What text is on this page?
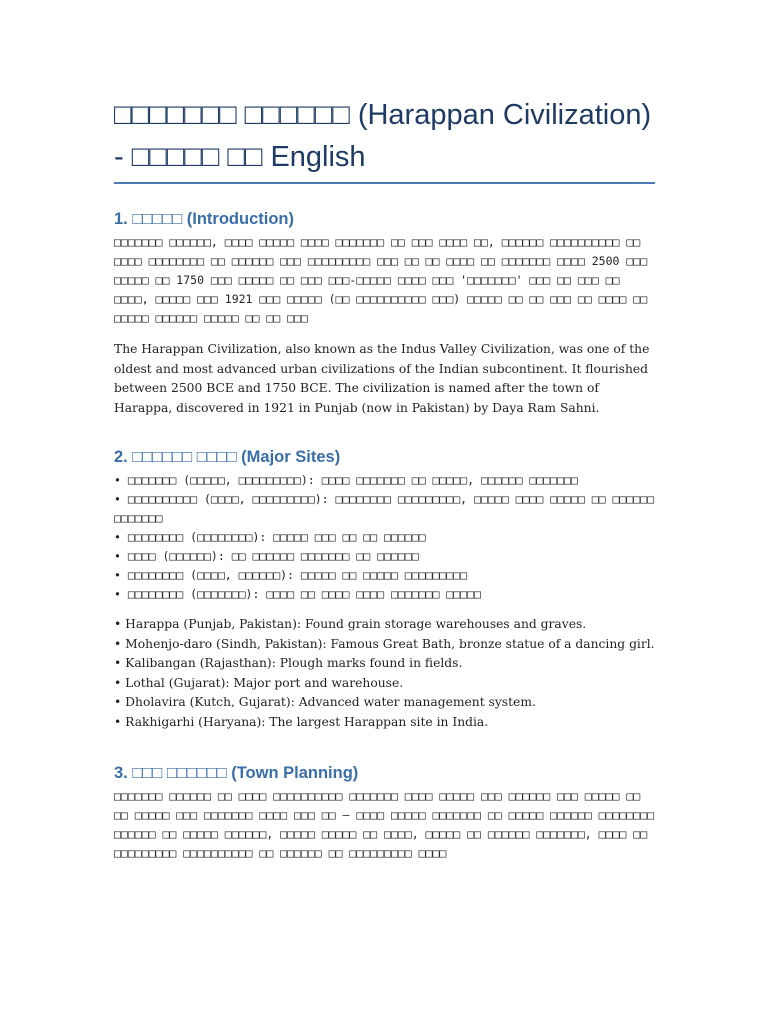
□□□□□□□ □□□□□□ (Harappan Civilization) - □□□□□ □□ English
1. □□□□□ (Introduction)

□□□□□□□ □□□□□□, □□□□ □□□□□ □□□□ □□□□□□□ □□ □□□ □□□□ □□, □□□□□□ □□□□□□□□□□ □□ □□□□ □□□□□□□□ □□ □□□□□□ □□□ □□□□□□□□□ □□□ □□ □□ □□□□ □□ □□□□□□□ □□□□ 2500 □□□ □□□□□ □□ 1750 □□□ □□□□□ □□ □□□ □□□-□□□□□ □□□□ □□□ '□□□□□□□' □□□ □□ □□□ □□ □□□□, □□□□□ □□□ 1921 □□□ □□□□□ (□□ □□□□□□□□□□ □□□) □□□□□ □□ □□ □□□ □□ □□□□ □□ □□□□□ □□□□□□ □□□□□ □□ □□ □□□

The Harappan Civilization, also known as the Indus Valley Civilization, was one of the oldest and most advanced urban civilizations of the Indian subcontinent. It flourished between 2500 BCE and 1750 BCE. The civilization is named after the town of Harappa, discovered in 1921 in Punjab (now in Pakistan) by Daya Ram Sahni.

2. □□□□□□ □□□□ (Major Sites)
• □□□□□□□ (□□□□□, □□□□□□□□□): □□□□ □□□□□□□ □□ □□□□□, □□□□□□ □□□□□□□
• □□□□□□□□□□ (□□□□, □□□□□□□□□): □□□□□□□□ □□□□□□□□□, □□□□□ □□□□ □□□□□ □□ □□□□□□ □□□□□□□
• □□□□□□□□ (□□□□□□□□): □□□□□ □□□ □□ □□ □□□□□□
• □□□□ (□□□□□□): □□ □□□□□□ □□□□□□□ □□ □□□□□□
• □□□□□□□□ (□□□□, □□□□□□): □□□□□ □□ □□□□□ □□□□□□□□□
• □□□□□□□□ (□□□□□□□): □□□□ □□ □□□□ □□□□ □□□□□□□ □□□□□
• Harappa (Punjab, Pakistan): Found grain storage warehouses and graves.
• Mohenjo-daro (Sindh, Pakistan): Famous Great Bath, bronze statue of a dancing girl.
• Kalibangan (Rajasthan): Plough marks found in fields.
• Lothal (Gujarat): Major port and warehouse.
• Dholavira (Kutch, Gujarat): Advanced water management system.
• Rakhigarhi (Haryana): The largest Harappan site in India.
3. □□□ □□□□□□ (Town Planning)

□□□□□□□ □□□□□□ □□ □□□□ □□□□□□□□□□ □□□□□□□ □□□□ □□□□□ □□□ □□□□□□ □□□ □□□□□ □□ □□ □□□□□ □□□ □□□□□□□ □□□□ □□□ □□ – □□□□ □□□□□ □□□□□□□ □□ □□□□□ □□□□□□ □□□□□□□□ □□□□□□ □□ □□□□□ □□□□□□, □□□□□ □□□□□ □□ □□□□, □□□□□ □□ □□□□□□ □□□□□□□, □□□□ □□ □□□□□□□□□ □□□□□□□□□□ □□ □□□□□□ □□ □□□□□□□□□ □□□□
